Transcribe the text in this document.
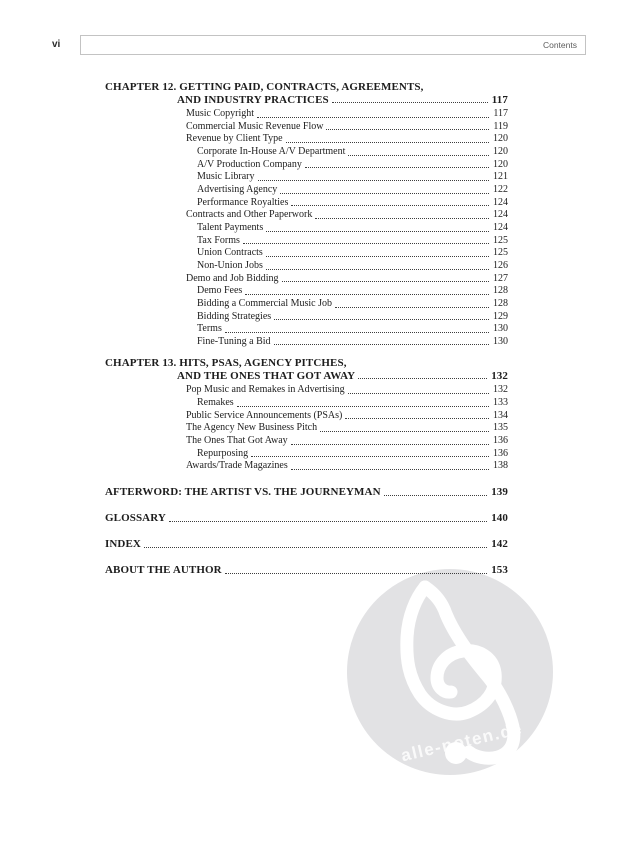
vi	Contents
alle-noten.de
CHAPTER 12. GETTING PAID, CONTRACTS, AGREEMENTS,
AND INDUSTRY PRACTICES	117
Music Copyright	117
Commercial Music Revenue Flow	119
Revenue by Client Type	120
Corporate In-House A/V Department	120
A/V Production Company	120
Music Library	121
Advertising Agency	122
Performance Royalties	124
Contracts and Other Paperwork	124
Talent Payments	124
Tax Forms	125
Union Contracts	125
Non-Union Jobs	126
Demo and Job Bidding	127
Demo Fees	128
Bidding a Commercial Music Job	128
Bidding Strategies	129
Terms	130
Fine-Tuning a Bid	130
CHAPTER 13. HITS, PSAS, AGENCY PITCHES,
AND THE ONES THAT GOT AWAY	132
Pop Music and Remakes in Advertising	132
Remakes	133
Public Service Announcements (PSAs)	134
The Agency New Business Pitch	135
The Ones That Got Away	136
Repurposing	136
Awards/Trade Magazines	138
AFTERWORD: THE ARTIST VS. THE JOURNEYMAN	139
GLOSSARY	140
INDEX	142
ABOUT THE AUTHOR	153
